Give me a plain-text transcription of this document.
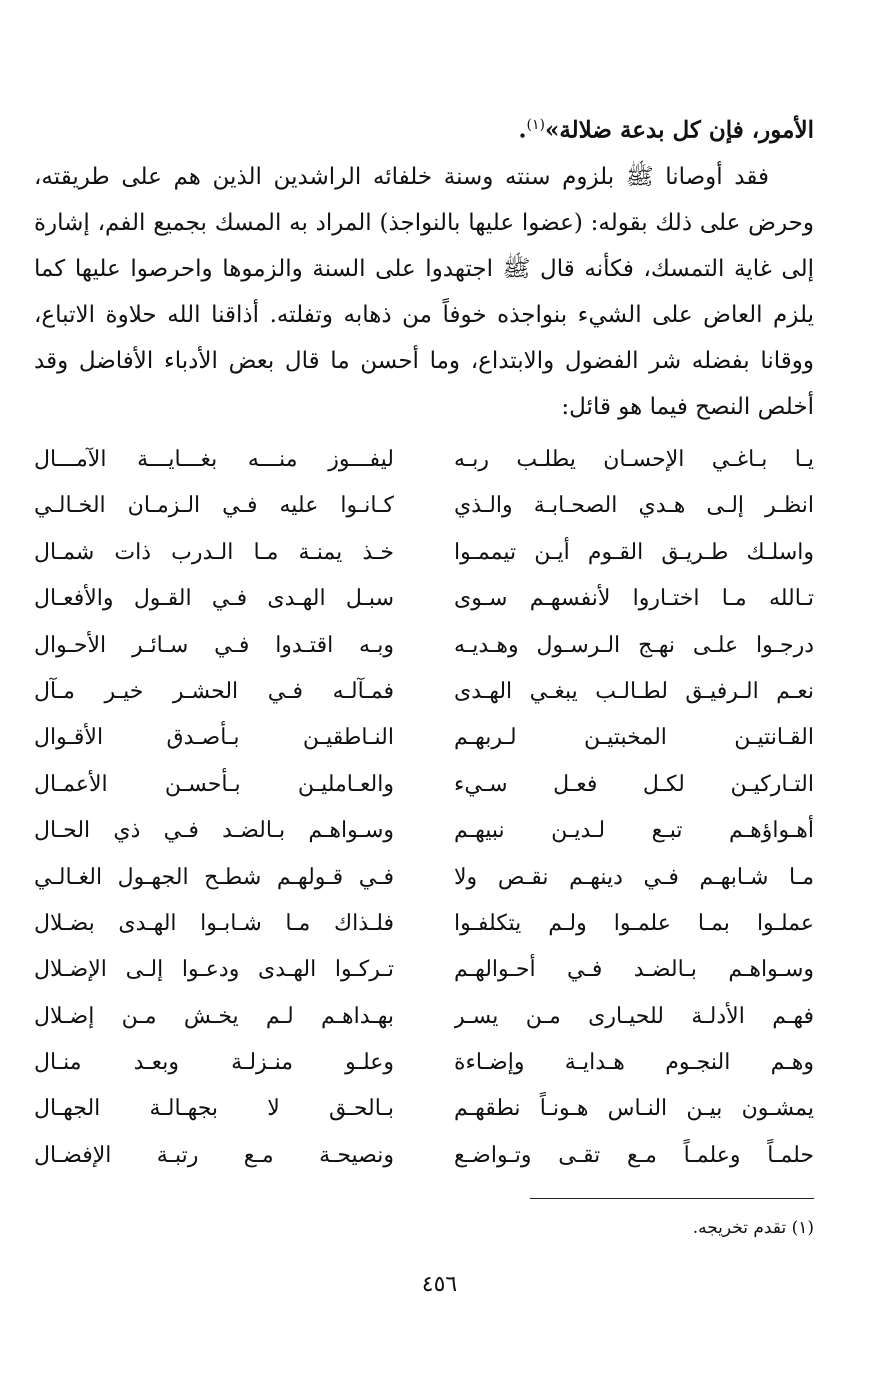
الأمور، فإن كل بدعة ضلالة»$^{(١)}$.

فقد أوصانا ﷺ بلزوم سنته وسنة خلفائه الراشدين الذين هم على طريقته، وحرض على ذلك بقوله: (عضوا عليها بالنواجذ) المراد به المسك بجميع الفم، إشارة إلى غاية التمسك، فكأنه قال ﷺ اجتهدوا على السنة والزموها واحرصوا عليها كما يلزم العاض على الشيء بنواجذه خوفاً من ذهابه وتفلته. أذاقنا الله حلاوة الاتباع، ووقانا بفضله شر الفضول والابتداع، وما أحسن ما قال بعض الأدباء الأفاضل وقد أخلص النصح فيما هو قائل:

يـا بـاغـي الإحسـان يطلـب ربـه
ليفـــوز منـــه بغـــايـــة الآمـــال
انظـر إلـى هـدي الصحـابـة والـذي
كـانـوا عليه فـي الـزمـان الخـالـي
واسلـك طـريـق القـوم أيـن تيممـوا
خـذ يمنـة مـا الـدرب ذات شمـال
تـالله مـا اختـاروا لأنفسهـم سـوى
سبـل الهـدى فـي القـول والأفعـال
درجـوا علـى نهـج الـرسـول وهـديـه
وبـه اقتـدوا فـي سـائـر الأحـوال
نعـم الـرفيـق لطـالـب يبغـي الهـدى
فمـآلـه فـي الحشـر خيـر مـآل
القـانتيـن المخبتيـن لـربهـم
النـاطقيـن بـأصـدق الأقـوال
التـاركيـن لكـل فعـل سـيء
والعـامليـن بـأحسـن الأعمـال
أهـواؤهـم تبـع لـديـن نبيهـم
وسـواهـم بـالضـد فـي ذي الحـال
مـا شـابهـم فـي دينهـم نقـص ولا
فـي قـولهـم شطـح الجهـول الغـالـي
عملـوا بمـا علمـوا ولـم يتكلفـوا
فلـذاك مـا شـابـوا الهـدى بضـلال
وسـواهـم بـالضـد فـي أحـوالهـم
تـركـوا الهـدى ودعـوا إلـى الإضـلال
فهـم الأدلـة للحيـارى مـن يسـر
بهـداهـم لـم يخـش مـن إضـلال
وهـم النجـوم هـدايـة وإضـاءة
وعلـو منـزلـة وبعـد منـال
يمشـون بيـن النـاس هـونـاً نطقهـم
بـالحـق لا بجهـالـة الجهـال
حلمـاً وعلمـاً مـع تقـى وتـواضـع
ونصيحـة مـع رتبـة الإفضـال
(١) تقدم تخريجه.
٤٥٦
